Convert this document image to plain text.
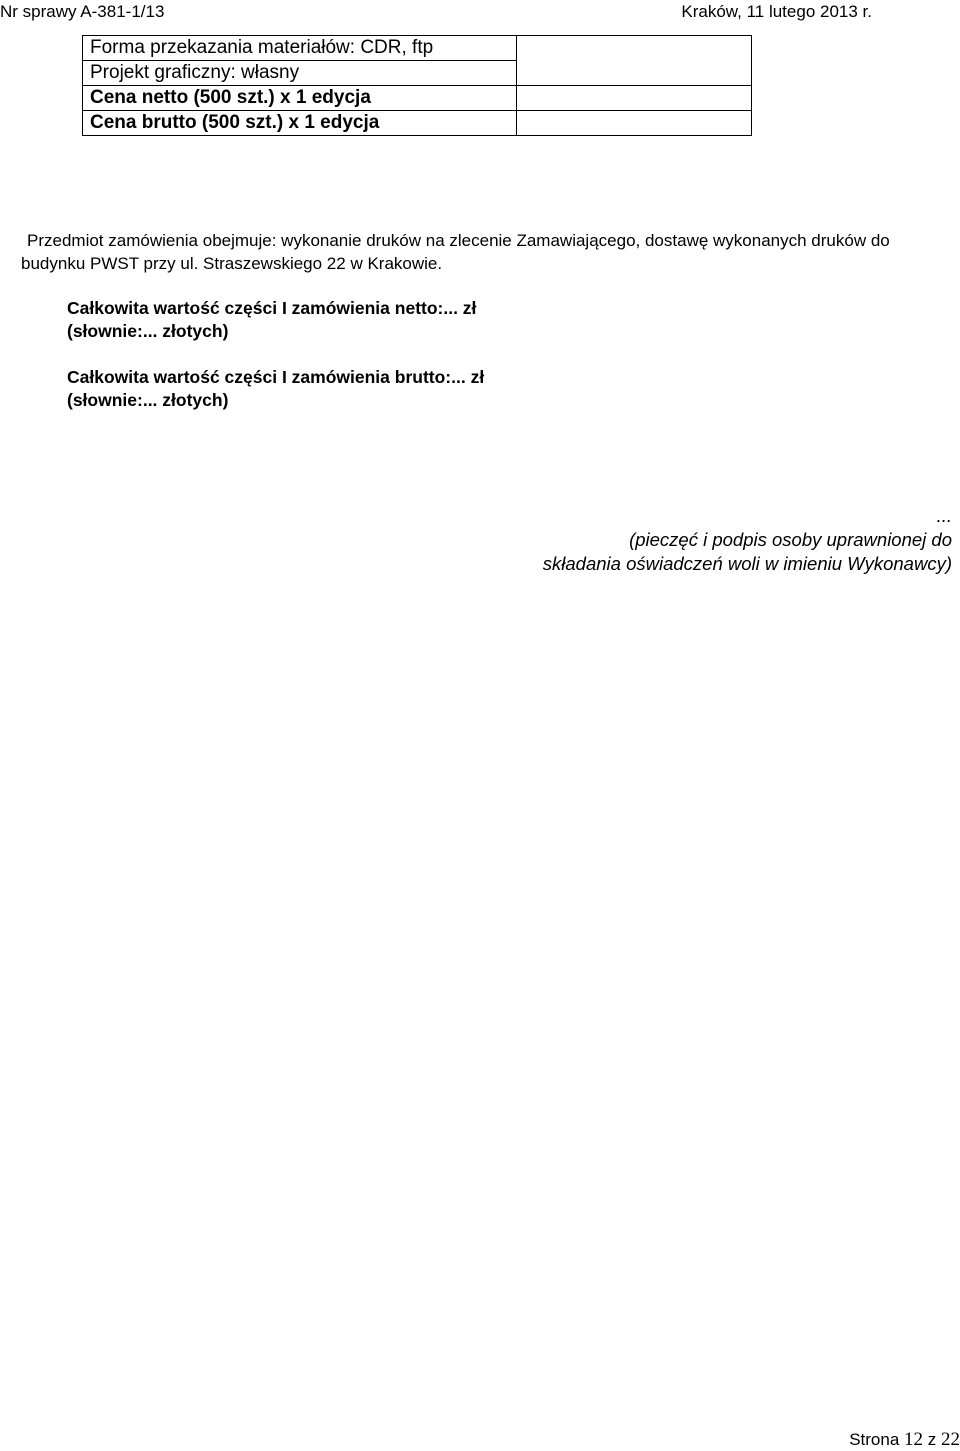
Nr sprawy A-381-1/13	Kraków, 11 lutego 2013 r.
Forma przekazania materiałów: CDR, ftp	
Projekt graficzny: własny	
Cena netto (500 szt.) x 1 edycja	
Cena brutto (500 szt.) x 1 edycja	

Przedmiot zamówienia obejmuje: wykonanie druków na zlecenie Zamawiającego, dostawę wykonanych druków do budynku PWST przy ul. Straszewskiego 22 w Krakowie.

Całkowita wartość części I zamówienia netto:... zł
(słownie:... złotych)
Całkowita wartość części I zamówienia brutto:... zł
(słownie:... złotych)
...
(pieczęć i podpis osoby uprawnionej do
składania oświadczeń woli w imieniu Wykonawcy)
Strona 12 z 22
